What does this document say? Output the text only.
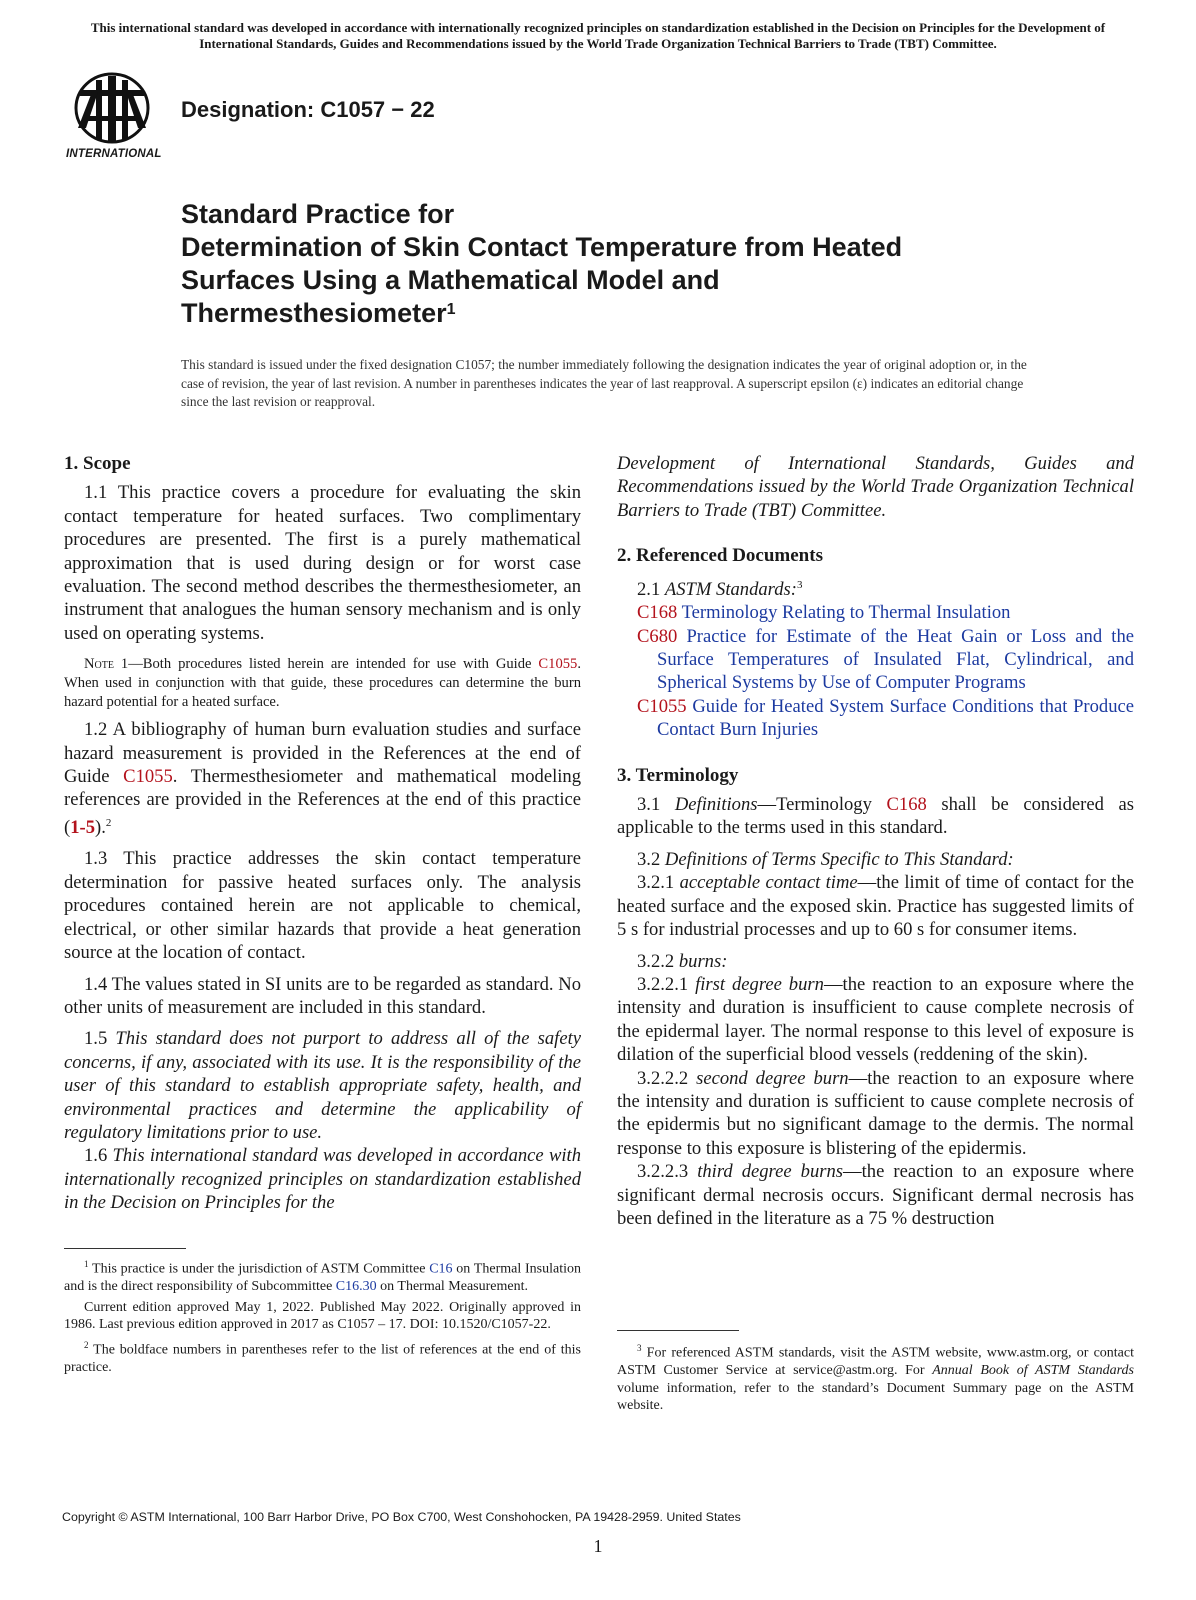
This international standard was developed in accordance with internationally recognized principles on standardization established in the Decision on Principles for the Development of International Standards, Guides and Recommendations issued by the World Trade Organization Technical Barriers to Trade (TBT) Committee.
INTERNATIONAL
Designation: C1057 − 22
Standard Practice for
Determination of Skin Contact Temperature from Heated
Surfaces Using a Mathematical Model and
Thermesthesiometer$^1$
This standard is issued under the fixed designation C1057; the number immediately following the designation indicates the year of original adoption or, in the case of revision, the year of last revision. A number in parentheses indicates the year of last reapproval. A superscript epsilon (ε) indicates an editorial change since the last revision or reapproval.

1. Scope

1.1 This practice covers a procedure for evaluating the skin contact temperature for heated surfaces. Two complimentary procedures are presented. The first is a purely mathematical approximation that is used during design or for worst case evaluation. The second method describes the thermesthesiometer, an instrument that analogues the human sensory mechanism and is only used on operating systems.

Note 1—Both procedures listed herein are intended for use with Guide C1055. When used in conjunction with that guide, these procedures can determine the burn hazard potential for a heated surface.

1.2 A bibliography of human burn evaluation studies and surface hazard measurement is provided in the References at the end of Guide C1055. Thermesthesiometer and mathematical modeling references are provided in the References at the end of this practice (1-5).$^2$

1.3 This practice addresses the skin contact temperature determination for passive heated surfaces only. The analysis procedures contained herein are not applicable to chemical, electrical, or other similar hazards that provide a heat generation source at the location of contact.

1.4 The values stated in SI units are to be regarded as standard. No other units of measurement are included in this standard.

1.5 This standard does not purport to address all of the safety concerns, if any, associated with its use. It is the responsibility of the user of this standard to establish appropriate safety, health, and environmental practices and determine the applicability of regulatory limitations prior to use.

1.6 This international standard was developed in accordance with internationally recognized principles on standardization established in the Decision on Principles for the

$^1$ This practice is under the jurisdiction of ASTM Committee C16 on Thermal Insulation and is the direct responsibility of Subcommittee C16.30 on Thermal Measurement.

Current edition approved May 1, 2022. Published May 2022. Originally approved in 1986. Last previous edition approved in 2017 as C1057 – 17. DOI: 10.1520/C1057-22.

$^2$ The boldface numbers in parentheses refer to the list of references at the end of this practice.

Development of International Standards, Guides and Recommendations issued by the World Trade Organization Technical Barriers to Trade (TBT) Committee.

2. Referenced Documents

2.1 ASTM Standards:$^3$

C168 Terminology Relating to Thermal Insulation

C680 Practice for Estimate of the Heat Gain or Loss and the Surface Temperatures of Insulated Flat, Cylindrical, and Spherical Systems by Use of Computer Programs

C1055 Guide for Heated System Surface Conditions that Produce Contact Burn Injuries

3. Terminology

3.1 Definitions—Terminology C168 shall be considered as applicable to the terms used in this standard.

3.2 Definitions of Terms Specific to This Standard:

3.2.1 acceptable contact time—the limit of time of contact for the heated surface and the exposed skin. Practice has suggested limits of 5 s for industrial processes and up to 60 s for consumer items.

3.2.2 burns:

3.2.2.1 first degree burn—the reaction to an exposure where the intensity and duration is insufficient to cause complete necrosis of the epidermal layer. The normal response to this level of exposure is dilation of the superficial blood vessels (reddening of the skin).

3.2.2.2 second degree burn—the reaction to an exposure where the intensity and duration is sufficient to cause complete necrosis of the epidermis but no significant damage to the dermis. The normal response to this exposure is blistering of the epidermis.

3.2.2.3 third degree burns—the reaction to an exposure where significant dermal necrosis occurs. Significant dermal necrosis has been defined in the literature as a 75 % destruction

$^3$ For referenced ASTM standards, visit the ASTM website, www.astm.org, or contact ASTM Customer Service at service@astm.org. For Annual Book of ASTM Standards volume information, refer to the standard’s Document Summary page on the ASTM website.

Copyright © ASTM International, 100 Barr Harbor Drive, PO Box C700, West Conshohocken, PA 19428-2959. United States
1
